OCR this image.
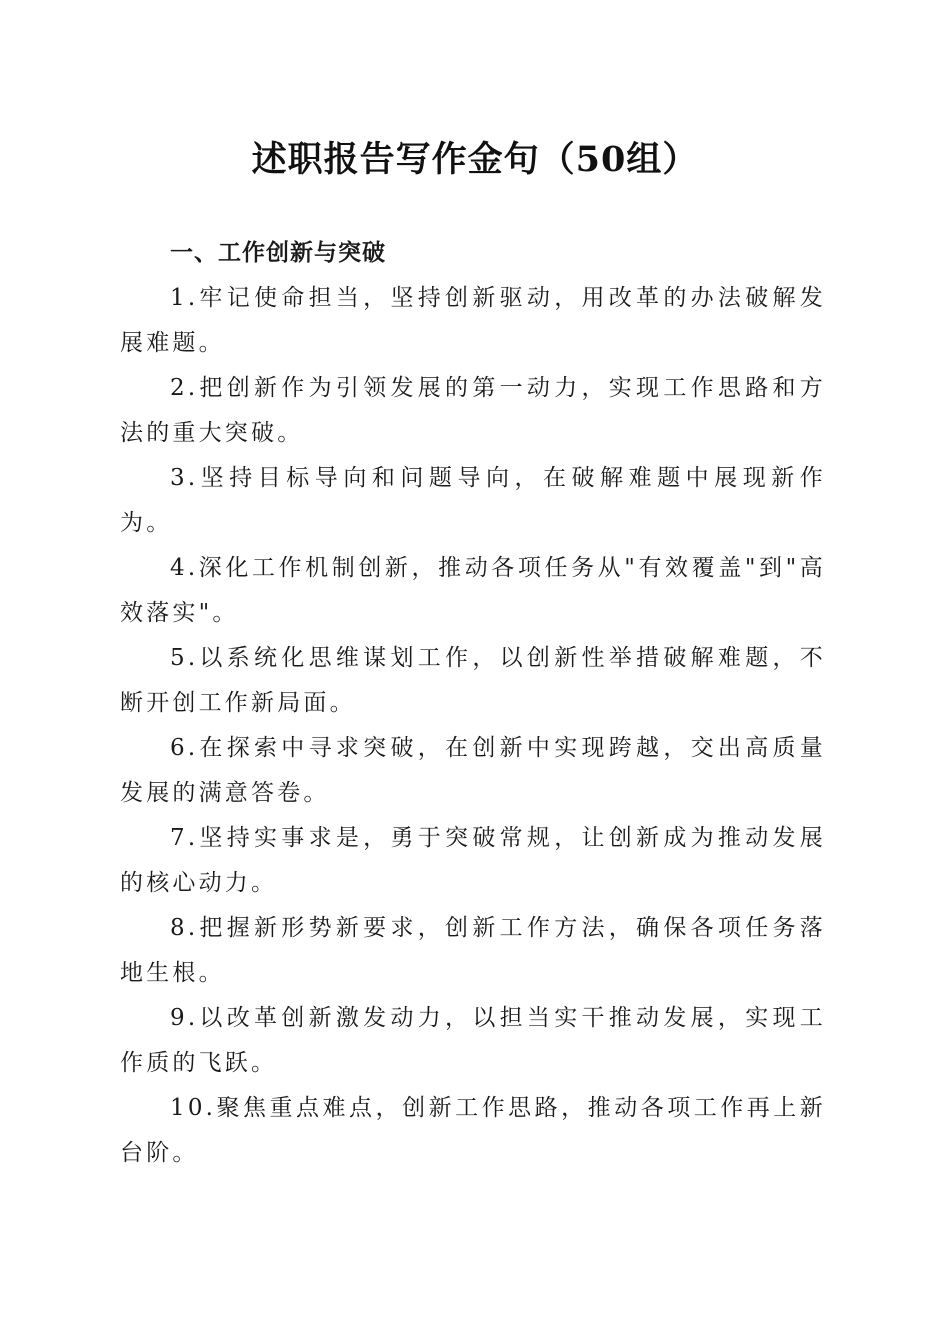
述职报告写作金句（50组）

一、工作创新与突破

1.牢记使命担当，坚持创新驱动，用改革的办法破解发展难题。

2.把创新作为引领发展的第一动力，实现工作思路和方法的重大突破。

3.坚持目标导向和问题导向，在破解难题中展现新作为。

4.深化工作机制创新，推动各项任务从"有效覆盖"到"高效落实"。

5.以系统化思维谋划工作，以创新性举措破解难题，不断开创工作新局面。

6.在探索中寻求突破，在创新中实现跨越，交出高质量发展的满意答卷。

7.坚持实事求是，勇于突破常规，让创新成为推动发展的核心动力。

8.把握新形势新要求，创新工作方法，确保各项任务落地生根。

9.以改革创新激发动力，以担当实干推动发展，实现工作质的飞跃。

10.聚焦重点难点，创新工作思路，推动各项工作再上新台阶。
